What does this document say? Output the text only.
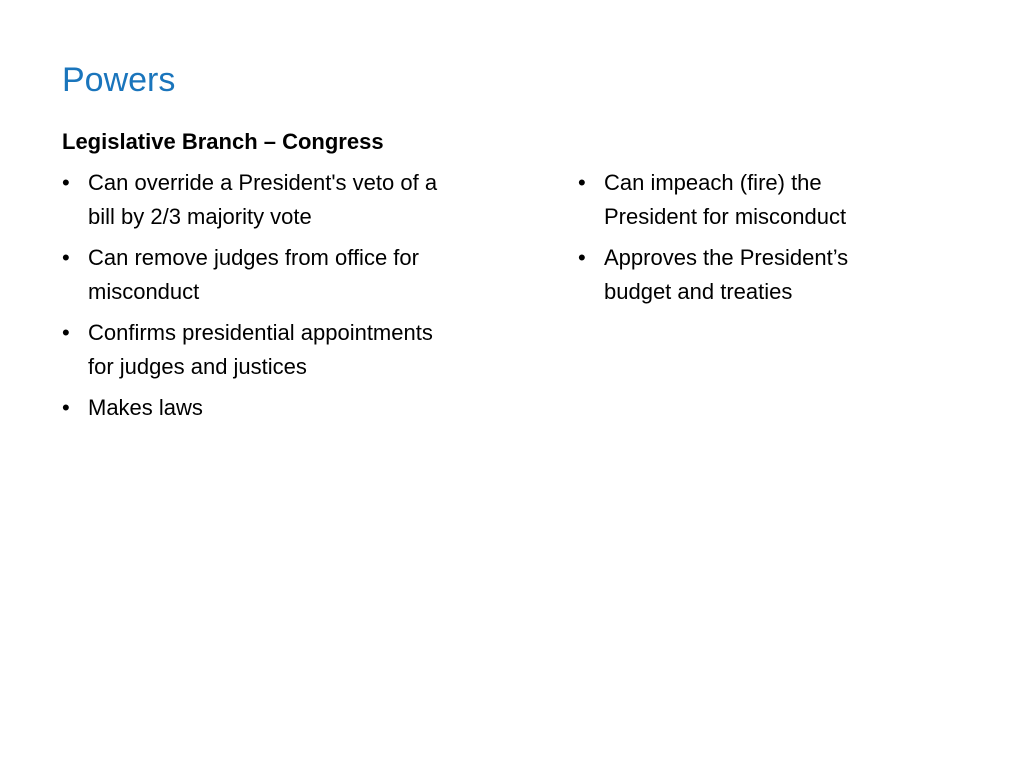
Powers
Legislative Branch – Congress
• Can override a President's veto of a bill by 2/3 majority vote
• Can remove judges from office for misconduct
• Confirms presidential appointments for judges and justices
• Makes laws
• Can impeach (fire) the President for misconduct
• Approves the President’s budget and treaties
